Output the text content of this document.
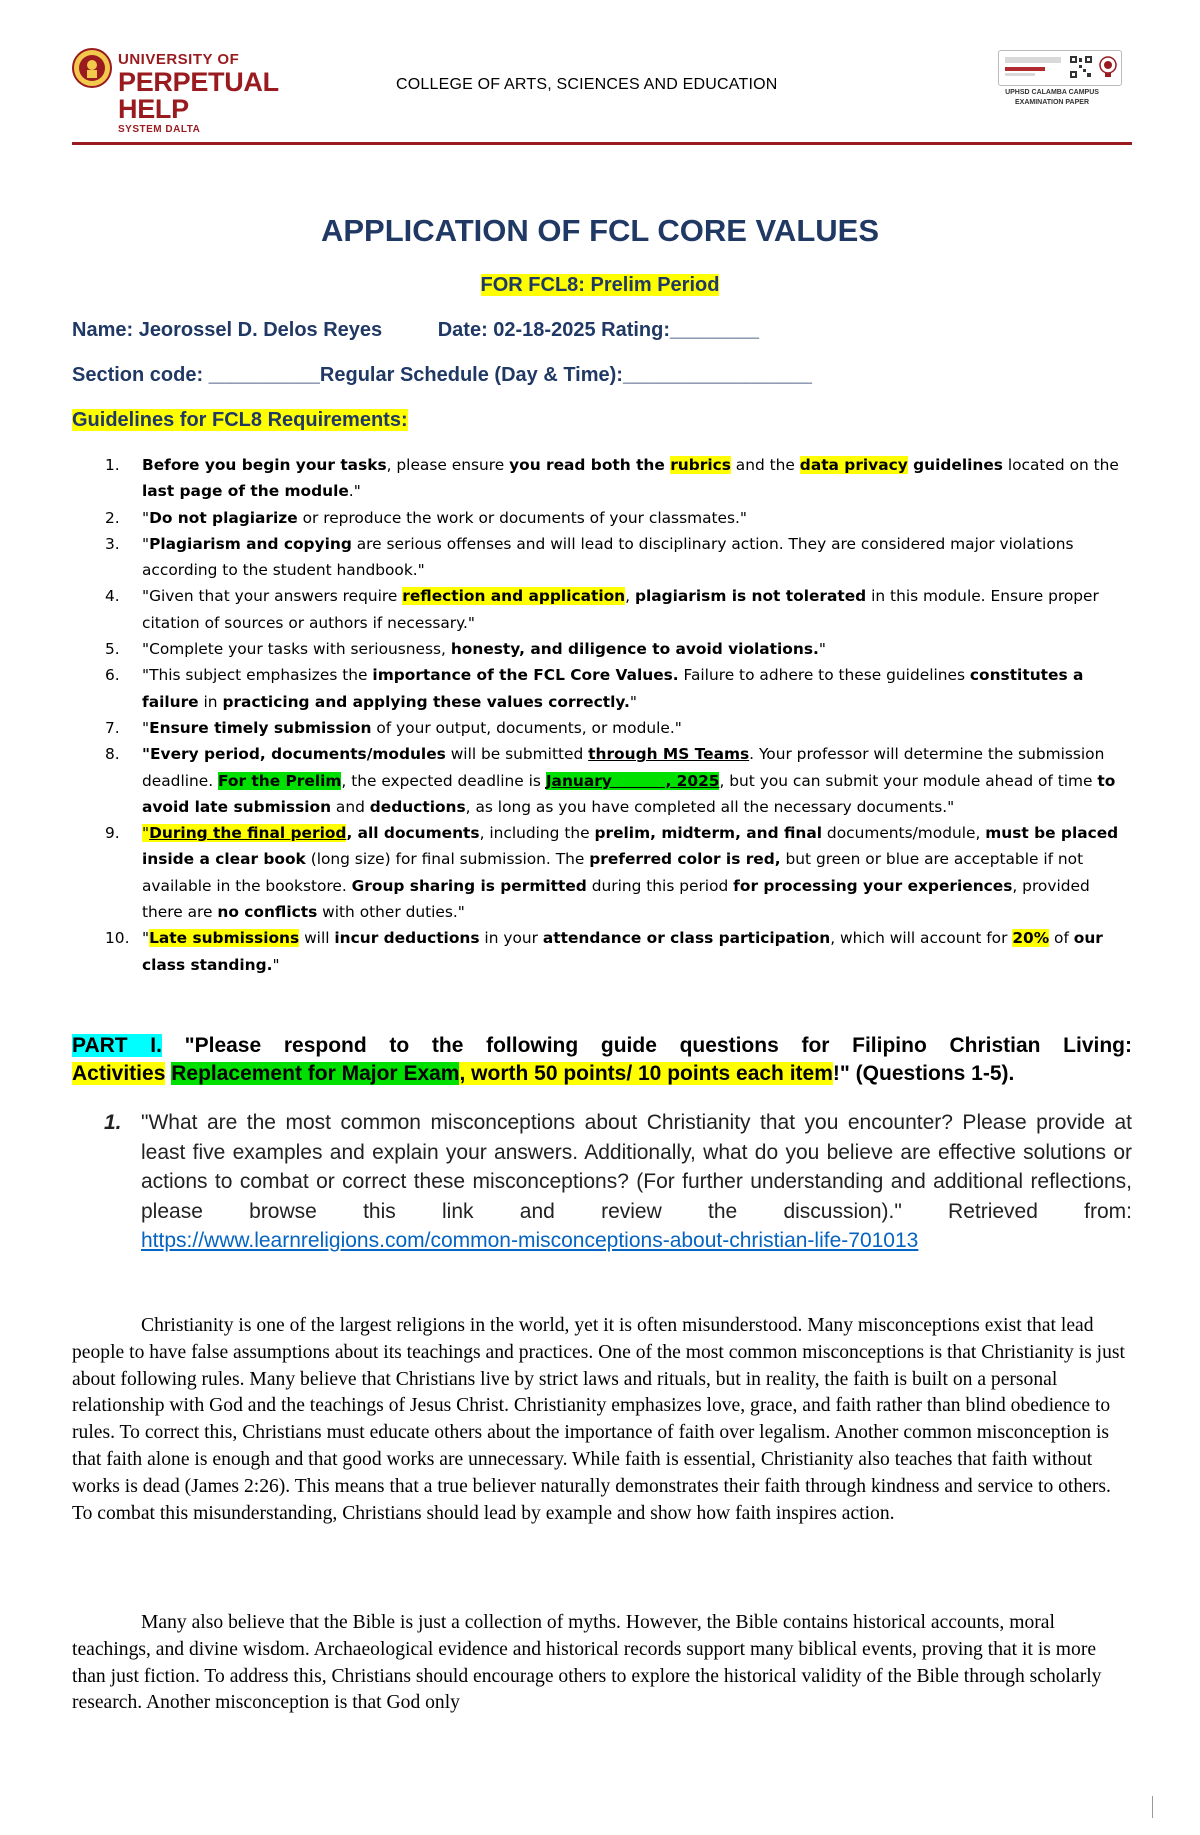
UNIVERSITY OF
PERPETUAL HELP
SYSTEM DALTA
COLLEGE OF ARTS, SCIENCES AND EDUCATION	UPHSD CALAMBA CAMPUS
EXAMINATION PAPER
APPLICATION OF FCL CORE VALUES
FOR FCL8: Prelim Period
Name: Jeorossel D. Delos Reyes          Date: 02-18-2025 Rating:________
Section code: __________Regular Schedule (Day & Time):_________________
Guidelines for FCL8 Requirements:
1. Before you begin your tasks, please ensure you read both the rubrics and the data privacy guidelines located on the last page of the module."
2. "Do not plagiarize or reproduce the work or documents of your classmates."
3. "Plagiarism and copying are serious offenses and will lead to disciplinary action. They are considered major violations according to the student handbook."
4. "Given that your answers require reflection and application, plagiarism is not tolerated in this module. Ensure proper citation of sources or authors if necessary."
5. "Complete your tasks with seriousness, honesty, and diligence to avoid violations."
6. "This subject emphasizes the importance of the FCL Core Values. Failure to adhere to these guidelines constitutes a failure in practicing and applying these values correctly."
7. "Ensure timely submission of your output, documents, or module."
8. "Every period, documents/modules will be submitted through MS Teams. Your professor will determine the submission deadline. For the Prelim, the expected deadline is January          , 2025, but you can submit your module ahead of time to avoid late submission and deductions, as long as you have completed all the necessary documents."
9. "During the final period, all documents, including the prelim, midterm, and final documents/module, must be placed inside a clear book (long size) for final submission. The preferred color is red, but green or blue are acceptable if not available in the bookstore. Group sharing is permitted during this period for processing your experiences, provided there are no conflicts with other duties."
10. "Late submissions will incur deductions in your attendance or class participation, which will account for 20% of our class standing."
PART I. "Please respond to the following guide questions for Filipino Christian Living:
Activities Replacement for Major Exam, worth 50 points/ 10 points each item!" (Questions 1-5).
1. "What are the most common misconceptions about Christianity that you encounter? Please provide at least five examples and explain your answers. Additionally, what do you believe are effective solutions or actions to combat or correct these misconceptions? (For further understanding and additional reflections, please browse this link and review the discussion)." Retrieved from: https://www.learnreligions.com/common-misconceptions-about-christian-life-701013

Christianity is one of the largest religions in the world, yet it is often misunderstood. Many misconceptions exist that lead people to have false assumptions about its teachings and practices. One of the most common misconceptions is that Christianity is just about following rules. Many believe that Christians live by strict laws and rituals, but in reality, the faith is built on a personal relationship with God and the teachings of Jesus Christ. Christianity emphasizes love, grace, and faith rather than blind obedience to rules. To correct this, Christians must educate others about the importance of faith over legalism. Another common misconception is that faith alone is enough and that good works are unnecessary. While faith is essential, Christianity also teaches that faith without works is dead (James 2:26). This means that a true believer naturally demonstrates their faith through kindness and service to others. To combat this misunderstanding, Christians should lead by example and show how faith inspires action.

Many also believe that the Bible is just a collection of myths. However, the Bible contains historical accounts, moral teachings, and divine wisdom. Archaeological evidence and historical records support many biblical events, proving that it is more than just fiction. To address this, Christians should encourage others to explore the historical validity of the Bible through scholarly research. Another misconception is that God only
